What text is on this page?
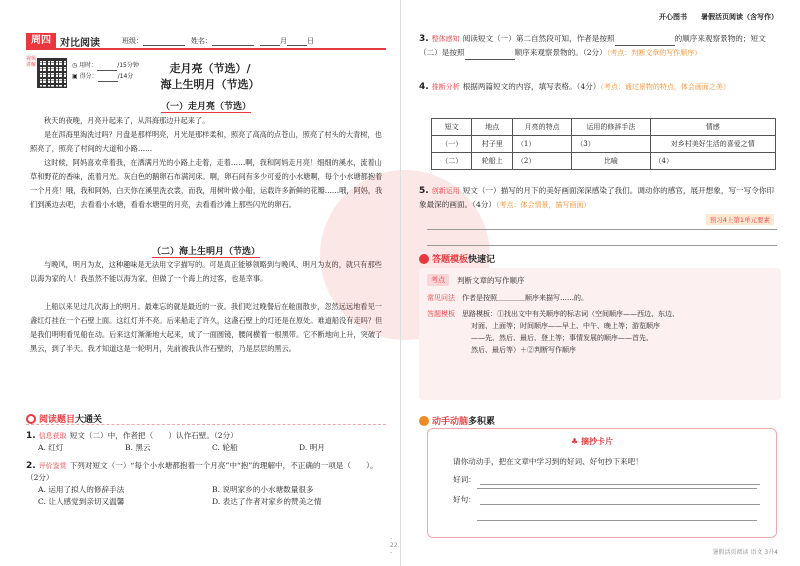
周四 对比阅读	班级：	姓名：	月	日
视频讲解	◷ 用时：	/15分钟
▣ 得分：	/14分
走月亮（节选）/
海上生明月（节选）
（一）走月亮（节选）

秋天的夜晚，月亮升起来了，从洱海那边升起来了。

是在洱海里淘洗过吗？月盘是那样明亮，月光是那样柔和，照亮了高高的点苍山，照亮了村头的大青树，也照亮了，照亮了村间的大道和小路……

这时候，阿妈喜欢牵着我，在洒满月光的小路上走着，走着……啊，我和阿妈走月亮！细细的溪水，流着山草和野花的香味，流着月光。灰白色的鹅卵石布满河床。啊，卵石间有多少可爱的小水塘啊，每个小水塘都抱着一个月亮！哦，我和阿妈，白天你在溪里洗衣裳，而我，用树叶做小船，运载许多新鲜的花瓣……哦，阿妈，我们到溪边去吧，去看看小水塘，看看水塘里的月亮，去看看沙滩上那些闪光的卵石。

（二）海上生明月（节选）

与晚风，明月为友，这种趣味是无法用文字描写的。可是真正能够领略到与晚风、明月为友的，就只有那些以海为家的人！我虽然不能以海为家，但做了一个海上的过客，也是幸事。

上船以来见过几次海上的明月。最难忘的就是最近的一夜。我们吃过晚餐后在舱面散步，忽然远远地看见一盏红灯挂在一个石壁上面。这红灯并不亮。后来船走了许久，这盏石壁上的灯还是在原处。难道船没有走吗？但是我们明明看见船在动。后来这灯渐渐地大起来，成了一面圆镜，腰间横着一根黑带。它不断地向上升，突破了黑云，到了半天。我才知道这是一轮明月，先前被我认作石壁的，乃是层层的黑云。

阅读题目 大通关
1. 信息获取 短文（二）中，作者把（　　）认作石壁。（2分）
A. 红灯	B. 黑云	C. 轮船	D. 明月
2. 评价鉴赏 下列对短文（一）“每个小水塘都抱着一个月亮”中“抱”的理解中，不正确的一项是（　　）。（2分）
A. 运用了拟人的修辞手法	B. 说明家乡的小水塘数量很多
C. 让人感觉到亲切又温馨	D. 表达了作者对家乡的赞美之情
- 22 -
开心图书 暑假活页阅读（含写作）
3. 整体感知 阅读短文（一）第二自然段可知，作者是按照	的顺序来观察景物的；短文（二）是按照	顺序来观察景物的。（2分）（考点：判断文章的写作顺序）
4. 推断分析 根据两篇短文的内容，填写表格。（4分）（考点：通过景物的特点，体会画面之美）
短文	地点	月亮的特点	运用的修辞手法	情感
（一）	村子里	（1）	（3）	对乡村美好生活的喜爱之情
（二）	轮船上	（2）	比喻	（4）
5. 创新运用 短文（一）描写的月下的美好画面深深感染了我们。调动你的感官，展开想象，写一写令你印象最深的画面。（4分）（考点：体会情景，描写画面）
预习4上第1单元要素
答题模板 快速记
考点	判断文章的写作顺序
常见问法　 作者是按照＿＿＿＿顺序来描写……的。
答题模板　 思路模板：①找出文中有关顺序的标志词（空间顺序——西边、东边、
对面、上面等；时间顺序——早上、中午、晚上等；游览顺序
——先、然后、最后、登上等；事情发展的顺序——首先、
然后、最后等）＋②判断写作顺序
动手动脑 多积累
♣ 摘抄卡片
请你动动手，把在文章中学习到的好词、好句抄下来吧！
好词：
好句：
暑假活页阅读 语文 3升4
